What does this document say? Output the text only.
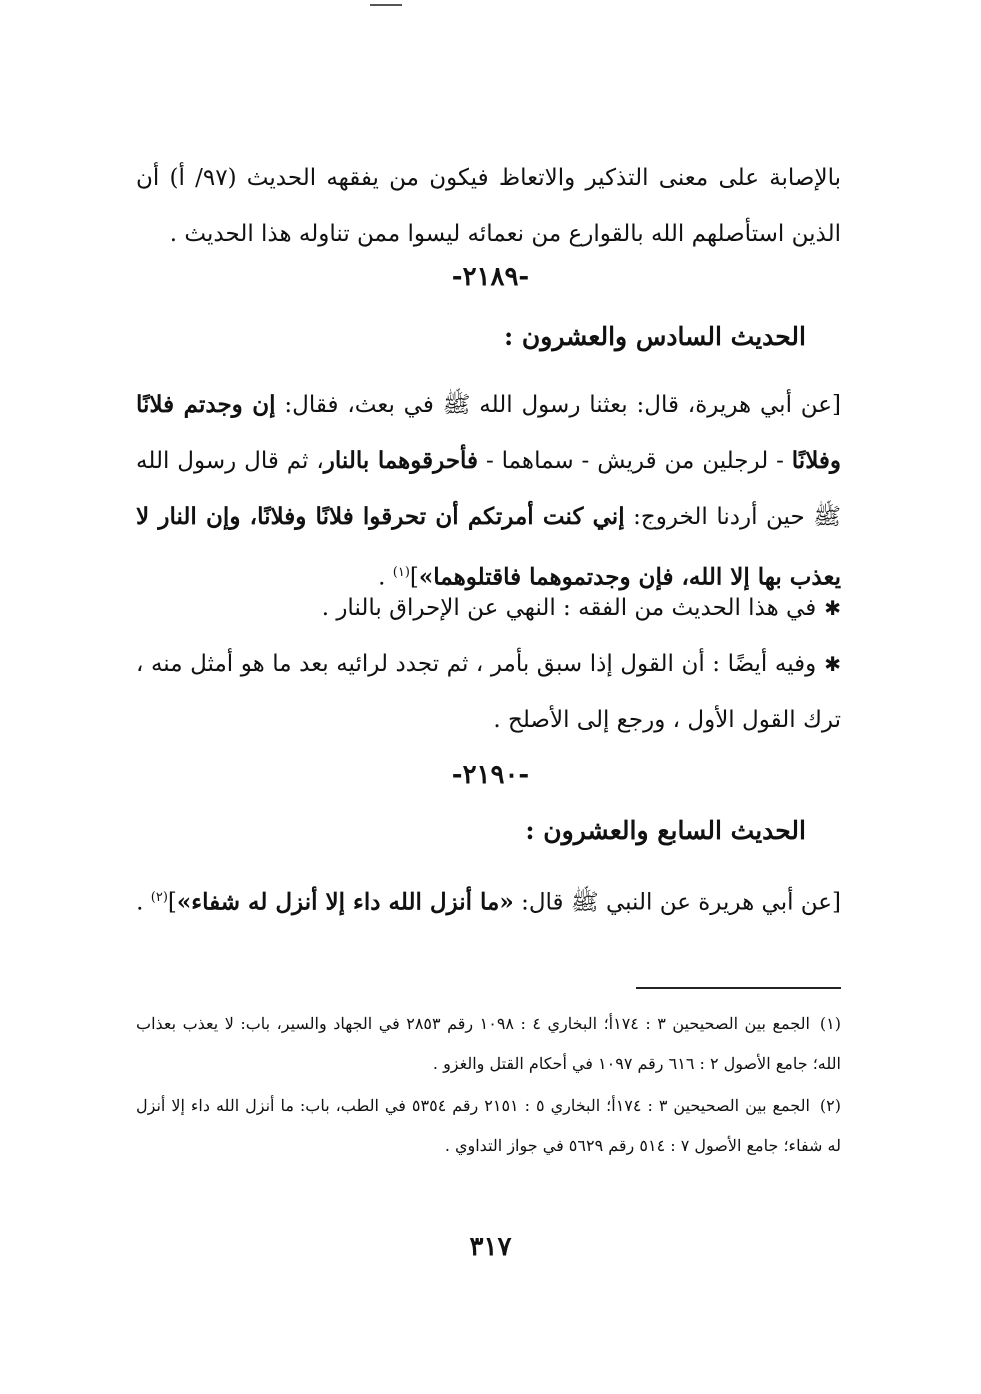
بالإصابة على معنى التذكير والاتعاظ فيكون من يفقهه الحديث (٩٧/ أ) أن الذين استأصلهم الله بالقوارع من نعمائه ليسوا ممن تناوله هذا الحديث .

-٢١٨٩-

الحديث السادس والعشرون :

[عن أبي هريرة، قال: بعثنا رسول الله ﷺ في بعث، فقال: إن وجدتم فلانًا وفلانًا - لرجلين من قريش - سماهما - فأحرقوهما بالنار، ثم قال رسول الله ﷺ حين أردنا الخروج: إني كنت أمرتكم أن تحرقوا فلانًا وفلانًا، وإن النار لا يعذب بها إلا الله، فإن وجدتموهما فاقتلوهما»]$^{(١)}$ .

✱في هذا الحديث من الفقه : النهي عن الإحراق بالنار .

✱وفيه أيضًا : أن القول إذا سبق بأمر ، ثم تجدد لرائيه بعد ما هو أمثل منه ، ترك القول الأول ، ورجع إلى الأصلح .

-٢١٩٠-

الحديث السابع والعشرون :

[عن أبي هريرة عن النبي ﷺ قال: «ما أنزل الله داء إلا أنزل له شفاء»]$^{(٢)}$ .

(١)الجمع بين الصحيحين ٣ : ١٧٤أ؛ البخاري ٤ : ١٠٩٨ رقم ٢٨٥٣ في الجهاد والسير، باب: لا يعذب بعذاب الله؛ جامع الأصول ٢ : ٦١٦ رقم ١٠٩٧ في أحكام القتل والغزو .

(٢)الجمع بين الصحيحين ٣ : ١٧٤أ؛ البخاري ٥ : ٢١٥١ رقم ٥٣٥٤ في الطب، باب: ما أنزل الله داء إلا أنزل له شفاء؛ جامع الأصول ٧ : ٥١٤ رقم ٥٦٢٩ في جواز التداوي .

٣١٧
